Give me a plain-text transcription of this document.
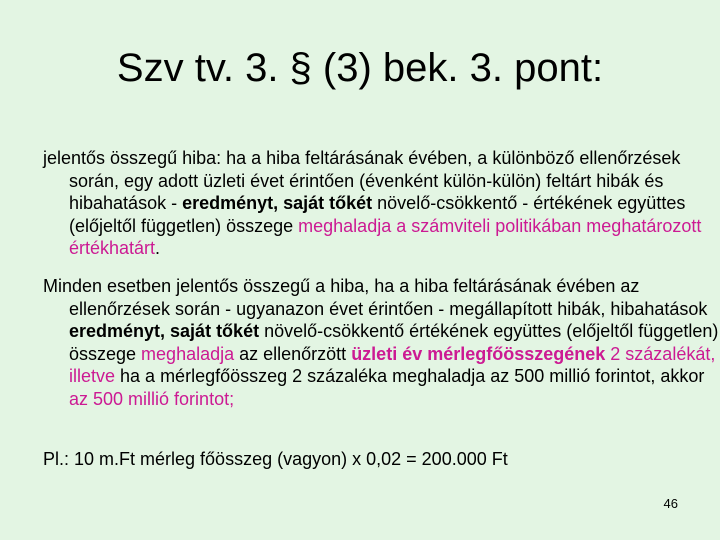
Szv tv. 3. § (3) bek. 3. pont:

jelentős összegű hiba: ha a hiba feltárásának évében, a különböző ellenőrzések során, egy adott üzleti évet érintően (évenként külön-külön) feltárt hibák és hibahatások - eredményt, saját tőkét növelő-csökkentő - értékének együttes (előjeltől független) összege meghaladja a számviteli politikában meghatározott értékhatárt.

Minden esetben jelentős összegű a hiba, ha a hiba feltárásának évében az ellenőrzések során - ugyanazon évet érintően - megállapított hibák, hibahatások eredményt, saját tőkét növelő-csökkentő értékének együttes (előjeltől független) összege meghaladja az ellenőrzött üzleti év mérlegfőösszegének 2 százalékát, illetve ha a mérlegfőösszeg 2 százaléka meghaladja az 500 millió forintot, akkor az 500 millió forintot;

Pl.: 10 m.Ft mérleg főösszeg (vagyon) x 0,02 = 200.000 Ft

46
